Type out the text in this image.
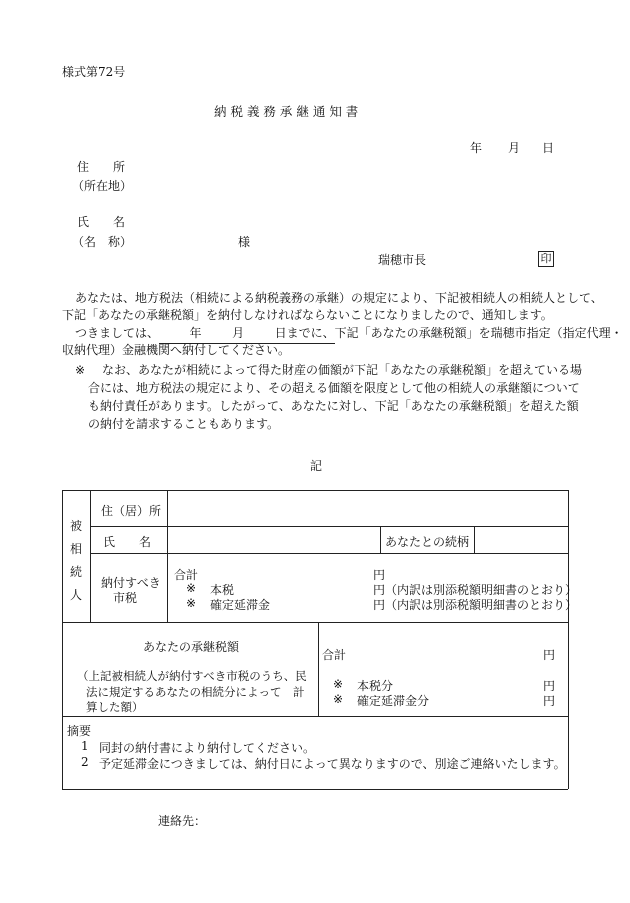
様式第72号
納 税 義 務 承 継 通 知 書
年 月 日
住　　所
（所在地）
氏　　名
（名　称）	様
瑞穂市長	印
あなたは、地方税法（相続による納税義務の承継）の規定により、下記被相続人の相続人として、
下記「あなたの承継税額」を納付しなければならないことになりましたので、通知します。
つきましては、	年	月	日までに、下記「あなたの承継税額」を瑞穂市指定（指定代理・
収納代理）金融機関へ納付してください。
※ なお、あなたが相続によって得た財産の価額が下記「あなたの承継税額」を超えている場
合には、地方税法の規定により、その超える価額を限度として他の相続人の承継額について
も納付責任があります。したがって、あなたに対し、下記「あなたの承継税額」を超えた額
の納付を請求することもあります。
記
被
相
続
人
住（居）所
氏　　名	あなたとの続柄
納付すべき
市税
合計	円
※ 本税	円（内訳は別添税額明細書のとおり）
※ 確定延滞金	円（内訳は別添税額明細書のとおり）
あなたの承継税額
（上記被相続人が納付すべき市税のうち、民
法に規定するあなたの相続分によって　計
算した額）
合計	円
※ 本税分	円
※ 確定延滞金分	円
摘要
1 同封の納付書により納付してください。
2 予定延滞金につきましては、納付日によって異なりますので、別途ご連絡いたします。
連絡先：
